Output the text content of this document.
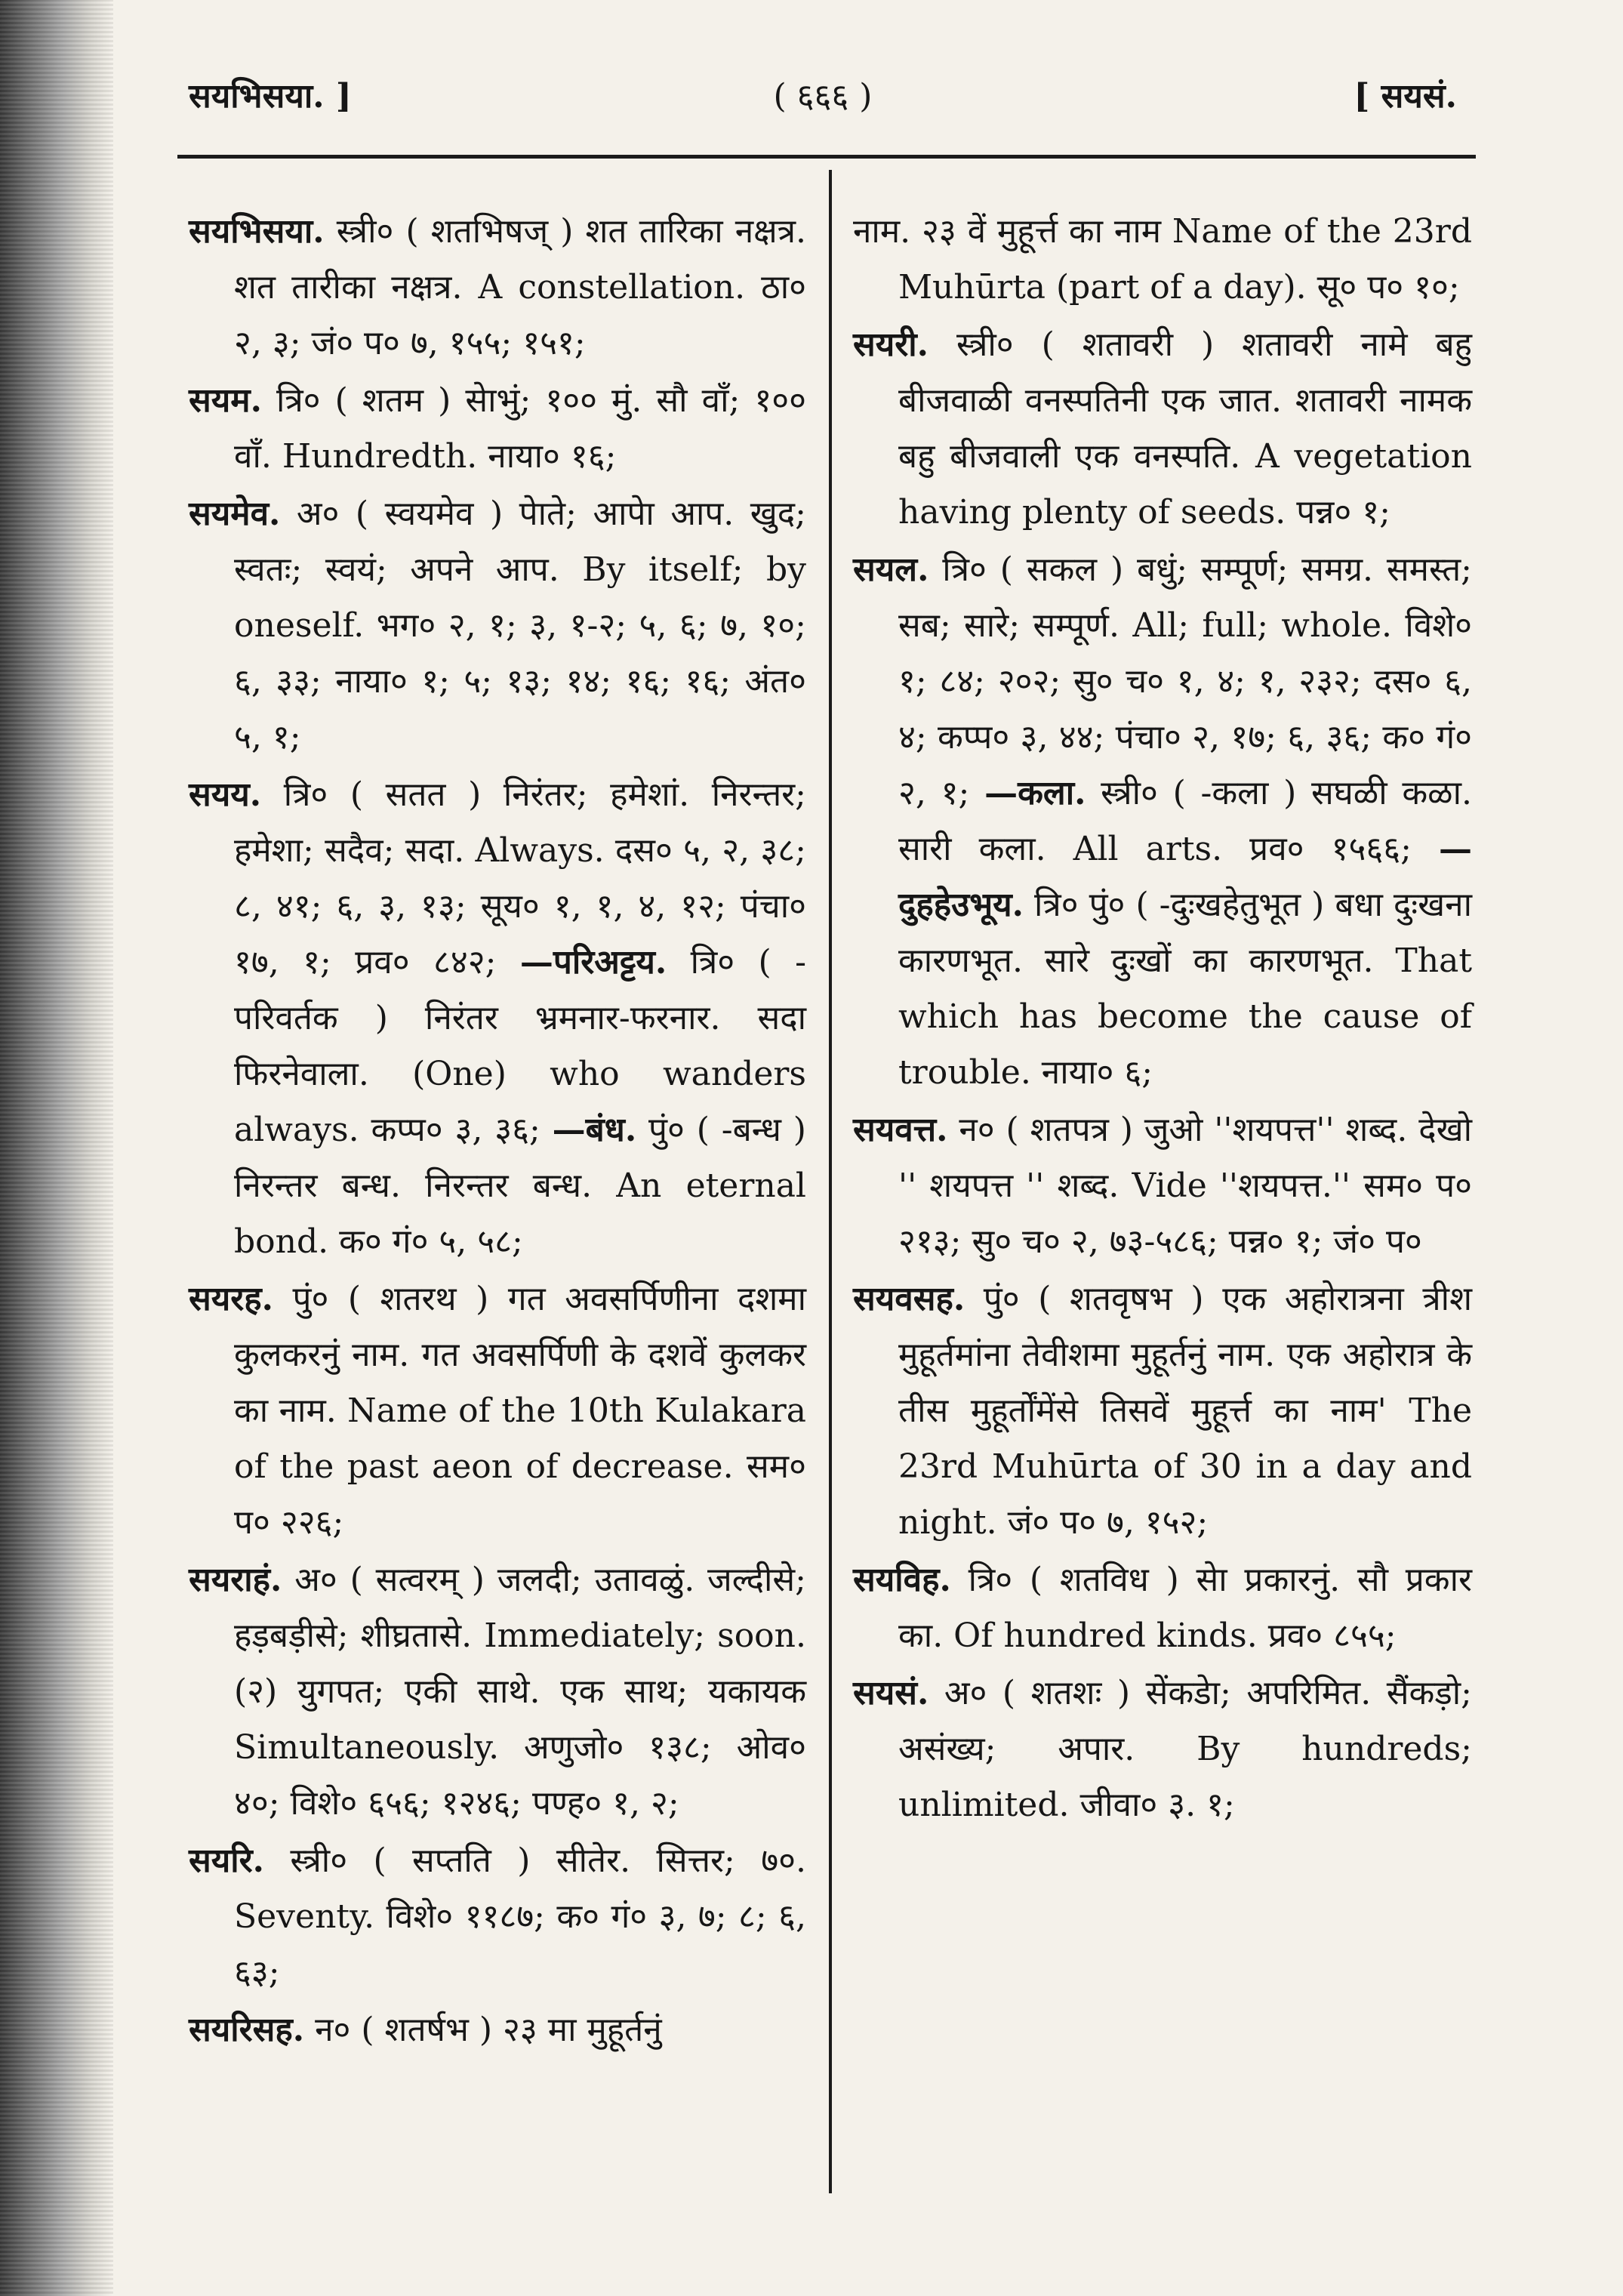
सयभिसया. ]	( ६६६ )	[ सयसं.

सयभिसया. स्त्री० ( शतभिषज् ) शत तारिका नक्षत्र. शत तारीका नक्षत्र. A constellation. ठा० २, ३; जं० प० ७, १५५; १५१;

सयम. त्रि० ( शतम ) सेाभुं; १०० मुं. सौ वाँ; १०० वाँ. Hundredth. नाया० १६;

सयमेव. अ० ( स्वयमेव ) पेाते; आपेा आप. खुद; स्वतः; स्वयं; अपने आप. By itself; by oneself. भग० २, १; ३, १-२; ५, ६; ७, १०; ६, ३३; नाया० १; ५; १३; १४; १६; १६; अंत० ५, १;

सयय. त्रि० ( सतत ) निरंतर; हमेशां. निरन्तर; हमेशा; सदैव; सदा. Always. दस० ५, २, ३८; ८, ४१; ६, ३, १३; सूय० १, १, ४, १२; पंचा० १७, १; प्रव० ८४२; —परिअट्टय. त्रि० ( -परिवर्तक ) निरंतर भ्रमनार-फरनार. सदा फिरनेवाला. (One) who wanders always. कप्प० ३, ३६; —बंध. पुं० ( -बन्ध ) निरन्तर बन्ध. निरन्तर बन्ध. An eternal bond. क० गं० ५, ५८;

सयरह. पुं० ( शतरथ ) गत अवसर्पिणीना दशमा कुलकरनुं नाम. गत अवसर्पिणी के दशवें कुलकर का नाम. Name of the 10th Kulakara of the past aeon of decrease. सम० प० २२६;

सयराहं. अ० ( सत्वरम् ) जलदी; उतावळुं. जल्दीसे; हड़बड़ीसे; शीघ्रतासे. Immediately; soon. (२) युगपत; एकी साथे. एक साथ; यकायक Simultaneously. अणुजो० १३८; ओव० ४०; विशे० ६५६; १२४६; पण्ह० १, २;

सयरि. स्त्री० ( सप्तति ) सीतेर. सित्तर; ७०. Seventy. विशे० ११८७; क० गं० ३, ७; ८; ६, ६३;

सयरिसह. न० ( शतर्षभ ) २३ मा मुहूर्तनुं

नाम. २३ वें मुहूर्त्त का नाम Name of the 23rd Muhūrta (part of a day). सू० प० १०;

सयरी. स्त्री० ( शतावरी ) शतावरी नामे बहु बीजवाळी वनस्पतिनी एक जात. शतावरी नामक बहु बीजवाली एक वनस्पति. A vegetation having plenty of seeds. पन्न० १;

सयल. त्रि० ( सकल ) बधुं; सम्पूर्ण; समग्र. समस्त; सब; सारे; सम्पूर्ण. All; full; whole. विशे० १; ८४; २०२; सु० च० १, ४; १, २३२; दस० ६, ४; कप्प० ३, ४४; पंचा० २, १७; ६, ३६; क० गं० २, १; —कला. स्त्री० ( -कला ) सघळी कळा. सारी कला. All arts. प्रव० १५६६; —दुहहेउभूय. त्रि० पुं० ( -दुःखहेतुभूत ) बधा दुःखना कारणभूत. सारे दुःखों का कारणभूत. That which has become the cause of trouble. नाया० ६;

सयवत्त. न० ( शतपत्र ) जुओ ''शयपत्त'' शब्द. देखो '' शयपत्त '' शब्द. Vide ''शयपत्त.'' सम० प० २१३; सु० च० २, ७३-५८६; पन्न० १; जं० प०

सयवसह. पुं० ( शतवृषभ ) एक अहोरात्रना त्रीश मुहूर्तमांना तेवीशमा मुहूर्तनुं नाम. एक अहोरात्र के तीस मुहूर्तोंमेंसे तिसवें मुहूर्त्त का नाम' The 23rd Muhūrta of 30 in a day and night. जं० प० ७, १५२;

सयविह. त्रि० ( शतविध ) सेा प्रकारनुं. सौ प्रकार का. Of hundred kinds. प्रव० ८५५;

सयसं. अ० ( शतशः ) सेंकडेा; अपरिमित. सैंकड़ो; असंख्य; अपार. By hundreds; unlimited. जीवा० ३. १;
